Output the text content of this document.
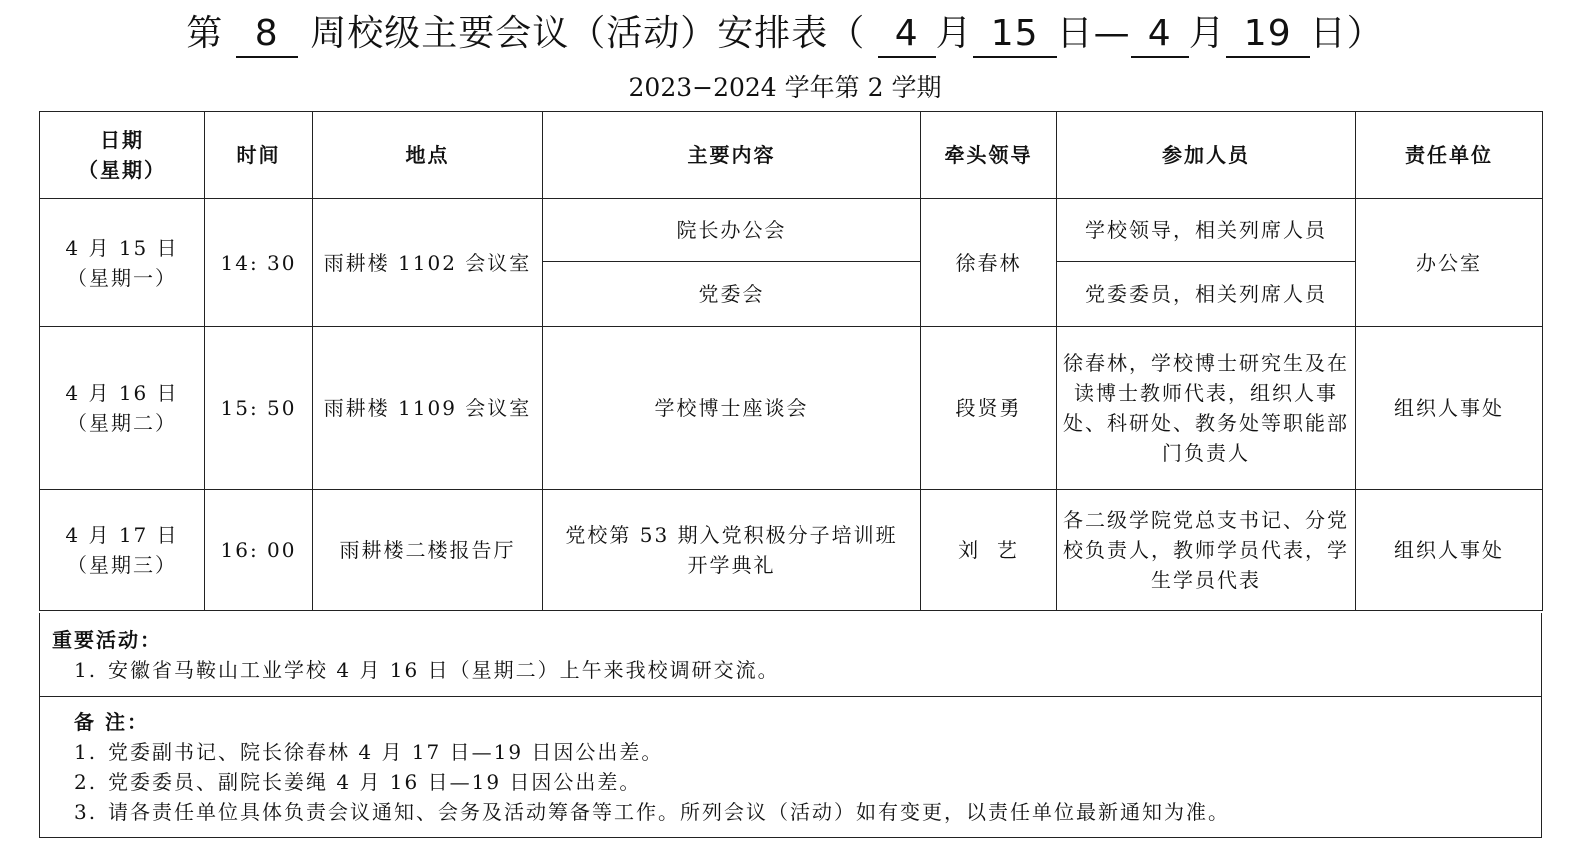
第 8 周校级主要会议（活动）安排表（ 4 月 15 日— 4 月 19 日）
2023−2024 学年第 2 学期
日期
（星期）	时间	地点	主要内容	牵头领导	参加人员	责任单位

4 月 15 日
（星期一）	14: 30	雨耕楼 1102 会议室	院长办公会	徐春林	学校领导，相关列席人员	办公室
			党委会		党委委员，相关列席人员	

4 月 16 日
（星期二）	15: 50	雨耕楼 1109 会议室	学校博士座谈会	段贤勇	徐春林，学校博士研究生及在读博士教师代表，组织人事处、科研处、教务处等职能部门负责人	组织人事处

4 月 17 日
（星期三）	16: 00	雨耕楼二楼报告厅	党校第 53 期入党积极分子培训班开学典礼	刘  艺	各二级学院党总支书记、分党校负责人，教师学员代表，学生学员代表	组织人事处
重要活动：
1. 安徽省马鞍山工业学校 4 月 16 日（星期二）上午来我校调研交流。
备 注：
1. 党委副书记、院长徐春林 4 月 17 日—19 日因公出差。
2. 党委委员、副院长姜绳 4 月 16 日—19 日因公出差。
3. 请各责任单位具体负责会议通知、会务及活动筹备等工作。所列会议（活动）如有变更，以责任单位最新通知为准。
